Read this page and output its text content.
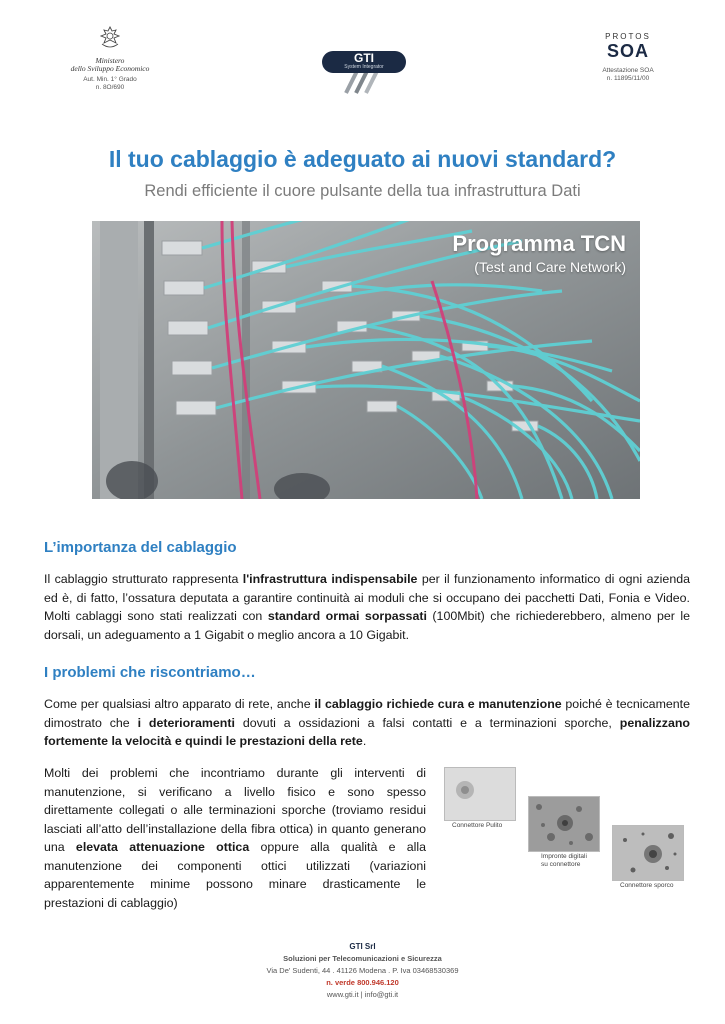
Ministero
dello Sviluppo Economico
Aut. Min. 1° Grado
n. 8O/690
GTI
System Integrator
PROTOS
SOA
Attestazione SOA
n. 11895/11/00
Il tuo cablaggio è adeguato ai nuovi standard?
Rendi efficiente il cuore pulsante della tua infrastruttura Dati
Programma TCN
(Test and Care Network)
L’importanza del cablaggio
Il cablaggio strutturato rappresenta l'infrastruttura indispensabile per il funzionamento informatico di ogni azienda ed è, di fatto, l’ossatura deputata a garantire continuità ai moduli che si occupano dei pacchetti Dati, Fonia e Video. Molti cablaggi sono stati realizzati con standard ormai sorpassati (100Mbit) che richiederebbero, almeno per le dorsali, un adeguamento a 1 Gigabit o meglio ancora a 10 Gigabit.
I problemi che riscontriamo…
Come per qualsiasi altro apparato di rete, anche il cablaggio richiede cura e manutenzione poiché è tecnicamente dimostrato che i deterioramenti dovuti a ossidazioni a falsi contatti e a terminazioni sporche, penalizzano fortemente la velocità e quindi le prestazioni della rete.
Molti dei problemi che incontriamo durante gli interventi di manutenzione, si verificano a livello fisico e sono spesso direttamente collegati o alle terminazioni sporche (troviamo residui lasciati all’atto dell’installazione della fibra ottica) in quanto generano una elevata attenuazione ottica oppure alla qualità e alla manutenzione dei componenti ottici utilizzati (variazioni apparentemente minime possono minare drasticamente le prestazioni di cablaggio)
Connettore Pulito
Impronte digitali
su connettore
Connettore sporco
GTI Srl
Soluzioni per Telecomunicazioni e Sicurezza
Via De' Sudenti, 44 . 41126 Modena . P. Iva 03468530369
n. verde 800.946.120
www.gti.it | info@gti.it
